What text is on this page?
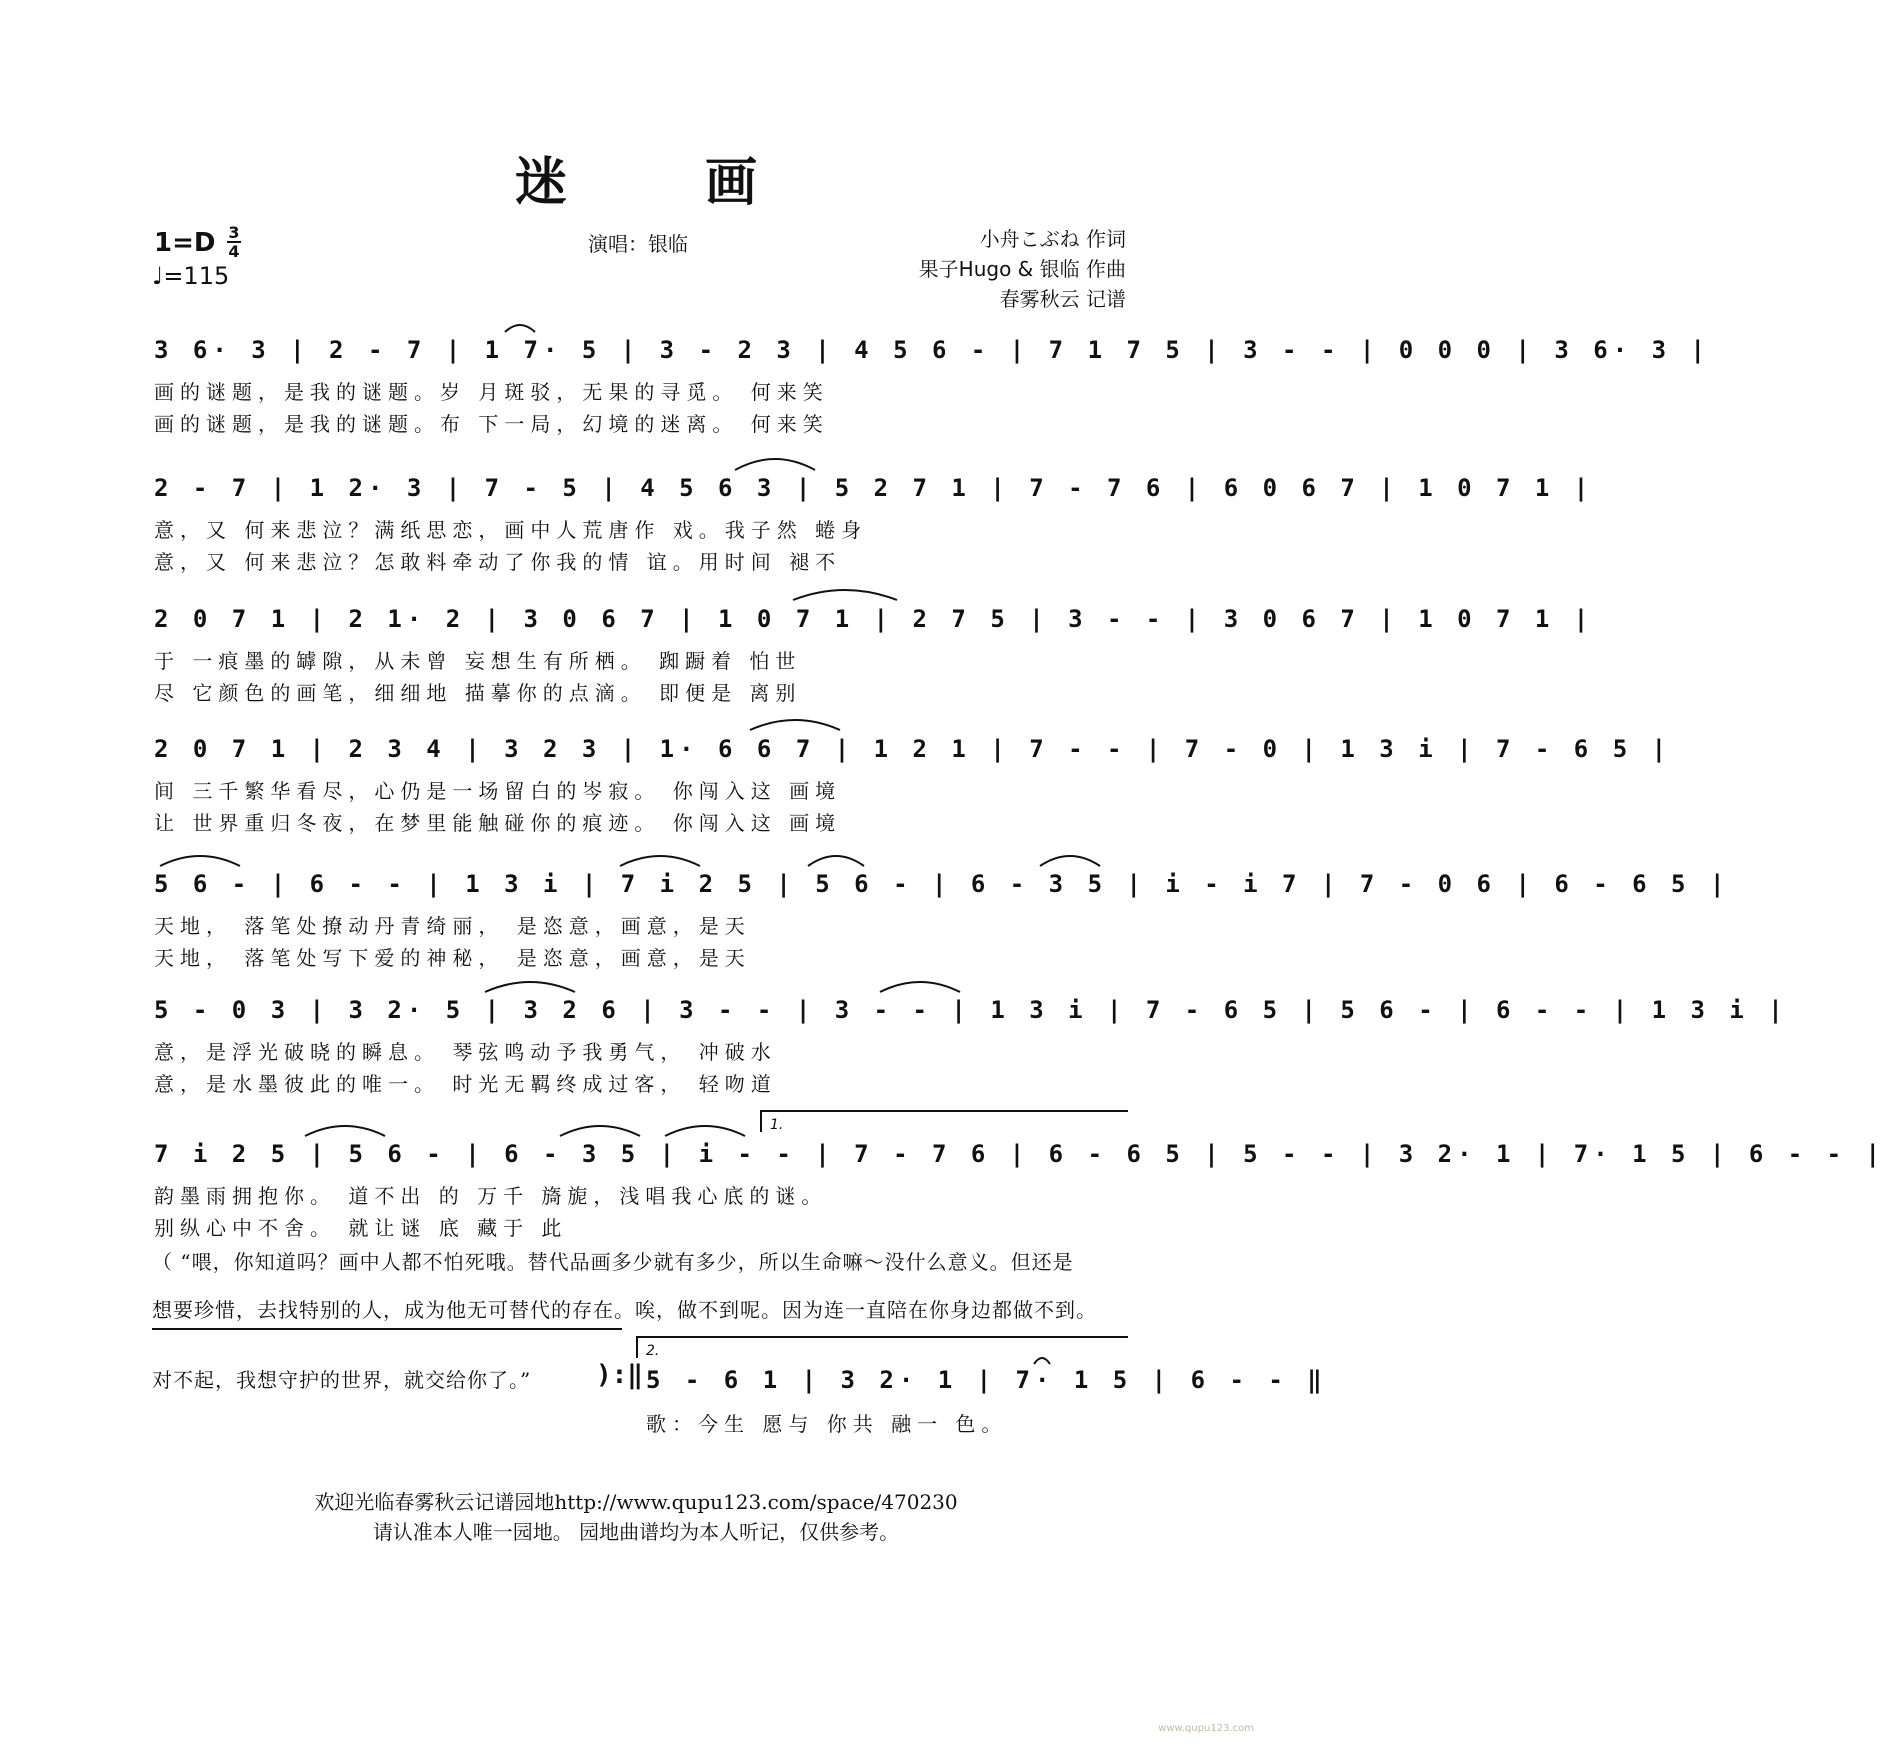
迷 画
1=D 3
4
♩=115
演唱：银临	小舟こぶね 作词
果子Hugo & 银临 作曲
春雾秋云 记谱
3 6· 3 | 2 - 7 | 1 7· 5 | 3 - 2 3 | 4 5 6 - | 7 1 7 5 | 3 - - | 0 0 0 | 3 6· 3 |
画的谜题，是我的谜题。岁 月斑驳，无果的寻觅。 何来笑
画的谜题，是我的谜题。布 下一局，幻境的迷离。 何来笑
2 - 7 | 1 2· 3 | 7 - 5 | 4 5 6 3 | 5 2 7 1 | 7 - 7 6 | 6 0 6 7 | 1 0 7 1 |
意，又 何来悲泣？满纸思恋，画中人荒唐作 戏。我子然 蜷身
意，又 何来悲泣？怎敢料牵动了你我的情 谊。用时间 褪不
2 0 7 1 | 2 1· 2 | 3 0 6 7 | 1 0 7 1 | 2 7 5 | 3 - - | 3 0 6 7 | 1 0 7 1 |
于 一痕墨的罅隙，从未曾 妄想生有所栖。 踟蹰着 怕世
尽 它颜色的画笔，细细地 描摹你的点滴。 即便是 离别
2 0 7 1 | 2 3 4 | 3 2 3 | 1· 6 6 7 | 1 2 1 | 7 - - | 7 - 0 | 1 3 i | 7 - 6 5 |
间 三千繁华看尽，心仍是一场留白的岑寂。 你闯入这 画境
让 世界重归冬夜，在梦里能触碰你的痕迹。 你闯入这 画境
5 6 - | 6 - - | 1 3 i | 7 i 2 5 | 5 6 - | 6 - 3 5 | i - i 7 | 7 - 0 6 | 6 - 6 5 |
天地， 落笔处撩动丹青绮丽， 是恣意，画意，是天
天地， 落笔处写下爱的神秘， 是恣意，画意，是天
5 - 0 3 | 3 2· 5 | 3 2 6 | 3 - - | 3 - - | 1 3 i | 7 - 6 5 | 5 6 - | 6 - - | 1 3 i |
意，是浮光破晓的瞬息。 琴弦鸣动予我勇气， 冲破水
意，是水墨彼此的唯一。 时光无羁终成过客， 轻吻道
1.
7 i 2 5 | 5 6 - | 6 - 3 5 | i - - | 7 - 7 6 | 6 - 6 5 | 5 - - | 3 2· 1 | 7· 1 5 | 6 - - |
韵墨雨拥抱你。 道不出 的 万千 旖旎，浅唱我心底的谜。
别纵心中不舍。 就让谜 底 藏于 此
（ “喂，你知道吗？画中人都不怕死哦。替代品画多少就有多少，所以生命嘛～没什么意义。但还是
想要珍惜，去找特别的人，成为他无可替代的存在。唉，做不到呢。因为连一直陪在你身边都做不到。
对不起，我想守护的世界，就交给你了。” ):‖
2.
5 - 6 1 | 3 2· 1 | 7· 1 5 | 6 - - ‖
歌：今生 愿与 你共 融一 色。
欢迎光临春雾秋云记谱园地http://www.qupu123.com/space/470230
请认准本人唯一园地。 园地曲谱均为本人听记，仅供参考。
www.qupu123.com
